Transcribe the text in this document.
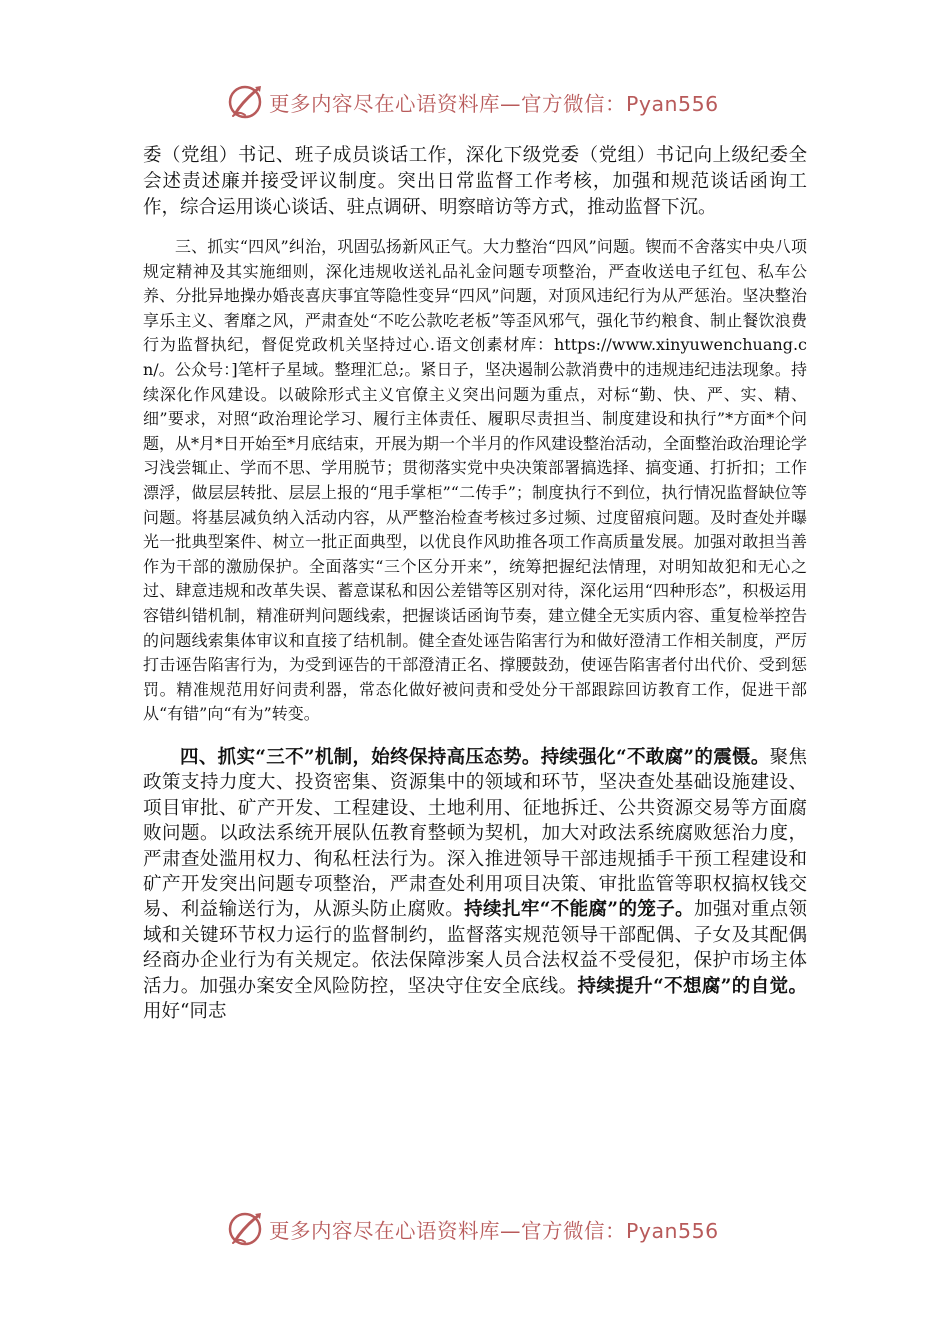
更多内容尽在心语资料库—官方微信：Pyan556

委（党组）书记、班子成员谈话工作，深化下级党委（党组）书记向上级纪委全会述责述廉并接受评议制度。突出日常监督工作考核，加强和规范谈话函询工作，综合运用谈心谈话、驻点调研、明察暗访等方式，推动监督下沉。

三、抓实“四风”纠治，巩固弘扬新风正气。大力整治“四风”问题。锲而不舍落实中央八项规定精神及其实施细则，深化违规收送礼品礼金问题专项整治，严查收送电子红包、私车公养、分批异地操办婚丧喜庆事宜等隐性变异“四风”问题，对顶风违纪行为从严惩治。坚决整治享乐主义、奢靡之风，严肃查处“不吃公款吃老板”等歪风邪气，强化节约粮食、制止餐饮浪费行为监督执纪，督促党政机关坚持过心.语文创素材库：https://www.xinyuwenchuang.cn/。公众号：]笔杆子星域。整理汇总;。紧日子，坚决遏制公款消费中的违规违纪违法现象。持续深化作风建设。以破除形式主义官僚主义突出问题为重点，对标“勤、快、严、实、精、细”要求，对照“政治理论学习、履行主体责任、履职尽责担当、制度建设和执行”*方面*个问题，从*月*日开始至*月底结束，开展为期一个半月的作风建设整治活动，全面整治政治理论学习浅尝辄止、学而不思、学用脱节；贯彻落实党中央决策部署搞选择、搞变通、打折扣；工作漂浮，做层层转批、层层上报的“甩手掌柜”“二传手”；制度执行不到位，执行情况监督缺位等问题。将基层减负纳入活动内容，从严整治检查考核过多过频、过度留痕问题。及时查处并曝光一批典型案件、树立一批正面典型，以优良作风助推各项工作高质量发展。加强对敢担当善作为干部的激励保护。全面落实“三个区分开来”，统筹把握纪法情理，对明知故犯和无心之过、肆意违规和改革失误、蓄意谋私和因公差错等区别对待，深化运用“四种形态”，积极运用容错纠错机制，精准研判问题线索，把握谈话函询节奏，建立健全无实质内容、重复检举控告的问题线索集体审议和直接了结机制。健全查处诬告陷害行为和做好澄清工作相关制度，严厉打击诬告陷害行为，为受到诬告的干部澄清正名、撑腰鼓劲，使诬告陷害者付出代价、受到惩罚。精准规范用好问责利器，常态化做好被问责和受处分干部跟踪回访教育工作，促进干部从“有错”向“有为”转变。

四、抓实“三不”机制，始终保持高压态势。持续强化“不敢腐”的震慑。聚焦政策支持力度大、投资密集、资源集中的领域和环节，坚决查处基础设施建设、项目审批、矿产开发、工程建设、土地利用、征地拆迁、公共资源交易等方面腐败问题。以政法系统开展队伍教育整顿为契机，加大对政法系统腐败惩治力度，严肃查处滥用权力、徇私枉法行为。深入推进领导干部违规插手干预工程建设和矿产开发突出问题专项整治，严肃查处利用项目决策、审批监管等职权搞权钱交易、利益输送行为，从源头防止腐败。持续扎牢“不能腐”的笼子。加强对重点领域和关键环节权力运行的监督制约，监督落实规范领导干部配偶、子女及其配偶经商办企业行为有关规定。依法保障涉案人员合法权益不受侵犯，保护市场主体活力。加强办案安全风险防控，坚决守住安全底线。持续提升“不想腐”的自觉。用好“同志

更多内容尽在心语资料库—官方微信：Pyan556
